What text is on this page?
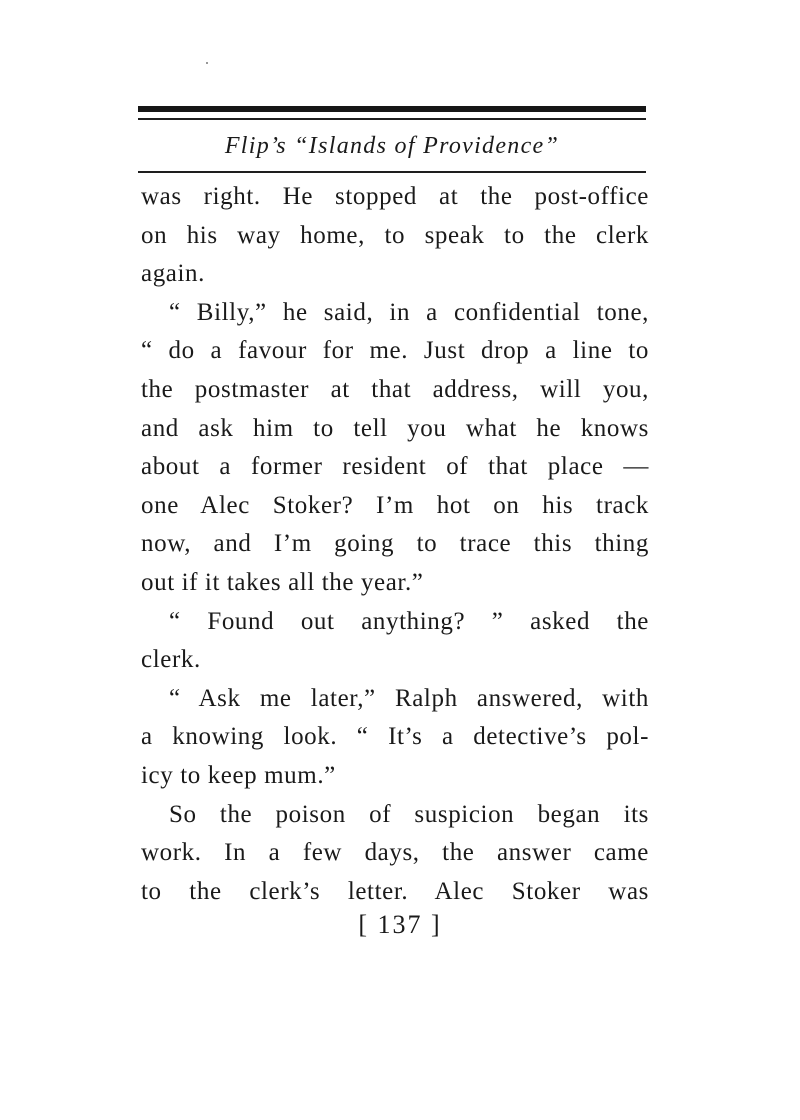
Flip’s “Islands of Providence”
was right. He stopped at the post-office
on his way home, to speak to the clerk
again.
“ Billy,” he said, in a confidential tone,
“ do a favour for me. Just drop a line to
the postmaster at that address, will you,
and ask him to tell you what he knows
about a former resident of that place —
one Alec Stoker? I’m hot on his track
now, and I’m going to trace this thing
out if it takes all the year.”
“ Found out anything? ” asked the
clerk.
“ Ask me later,” Ralph answered, with
a knowing look. “ It’s a detective’s pol-
icy to keep mum.”
So the poison of suspicion began its
work. In a few days, the answer came
to the clerk’s letter. Alec Stoker was
[ 137 ]
